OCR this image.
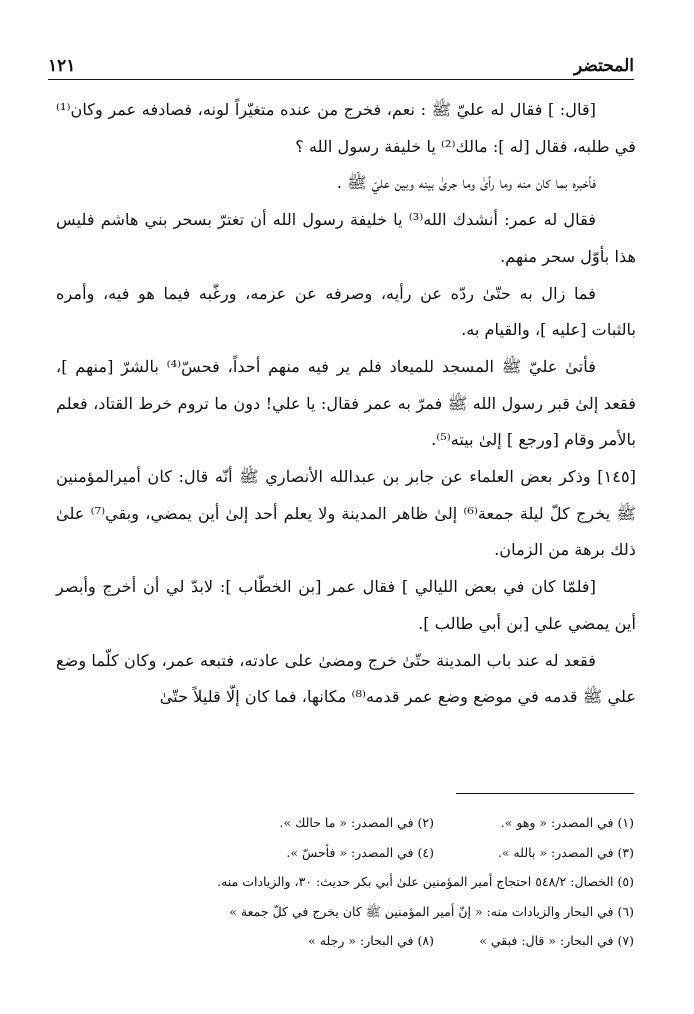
المحتضر
١٢١

[قال: ] فقال له عليّ ﷺ : نعم، فخرج من عنده متغيّراً لونه، فصادفه عمر وكان⁽¹⁾ في طلبه، فقال [له ]: مالك⁽²⁾ يا خليفة رسول الله ؟

فأخبره بما كان منه وما رأىٰ وما جرىٰ بينه وبين عليّ ﷺ .

فقال له عمر: أنشدك الله⁽³⁾ يا خليفة رسول الله أن تغترّ بسحر بني هاشم فليس هذا بأوّل سحر منهم.

فما زال به حتّىٰ ردّه عن رأيه، وصرفه عن عزمه، ورغّبه فيما هو فيه، وأمره بالثبات [عليه ]، والقيام به.

فأتىٰ عليّ ﷺ المسجد للميعاد فلم ير فيه منهم أحداً، فحسّ⁽⁴⁾ بالشرّ [منهم ]، فقعد إلىٰ قبر رسول الله ﷺ فمرّ به عمر فقال: يا علي! دون ما تروم خرط القتاد، فعلم بالأمر وقام [ورجع ] إلىٰ بيته⁽⁵⁾.

[١٤٥] وذكر بعض العلماء عن جابر بن عبدالله الأنصاري ﷺ أنّه قال: كان أميرالمؤمنين ﷺ يخرج كلّ ليلة جمعة⁽⁶⁾ إلىٰ ظاهر المدينة ولا يعلم أحد إلىٰ أين يمضي، وبقي⁽⁷⁾ علىٰ ذلك برهة من الزمان.

[فلمّا كان في بعض الليالي ] فقال عمر [بن الخطّاب ]: لابدّ لي أن أخرج وأبصر أين يمضي علي [بن أبي طالب ].

فقعد له عند باب المدينة حتّىٰ خرج ومضىٰ على عادته، فتبعه عمر، وكان كلّما وضع علي ﷺ قدمه في موضع وضع عمر قدمه⁽⁸⁾ مكانها، فما كان إلّا قليلاً حتّىٰ

(١) في المصدر: « وهو ».
(٢) في المصدر: « ما حالك ».
(٣) في المصدر: « بالله ».
(٤) في المصدر: « فأحسّ ».
(٥) الخصال: ٥٤٨/٢ احتجاج أمير المؤمنين علىٰ أبي بكر حديث: ٣٠، والزيادات منه.
(٦) في البحار والزيادات منه: « إنّ أمير المؤمنين ﷺ كان يخرج في كلّ جمعة »
(٧) في البحار: « قال: فبقي »
(٨) في البحار: « رجله »
